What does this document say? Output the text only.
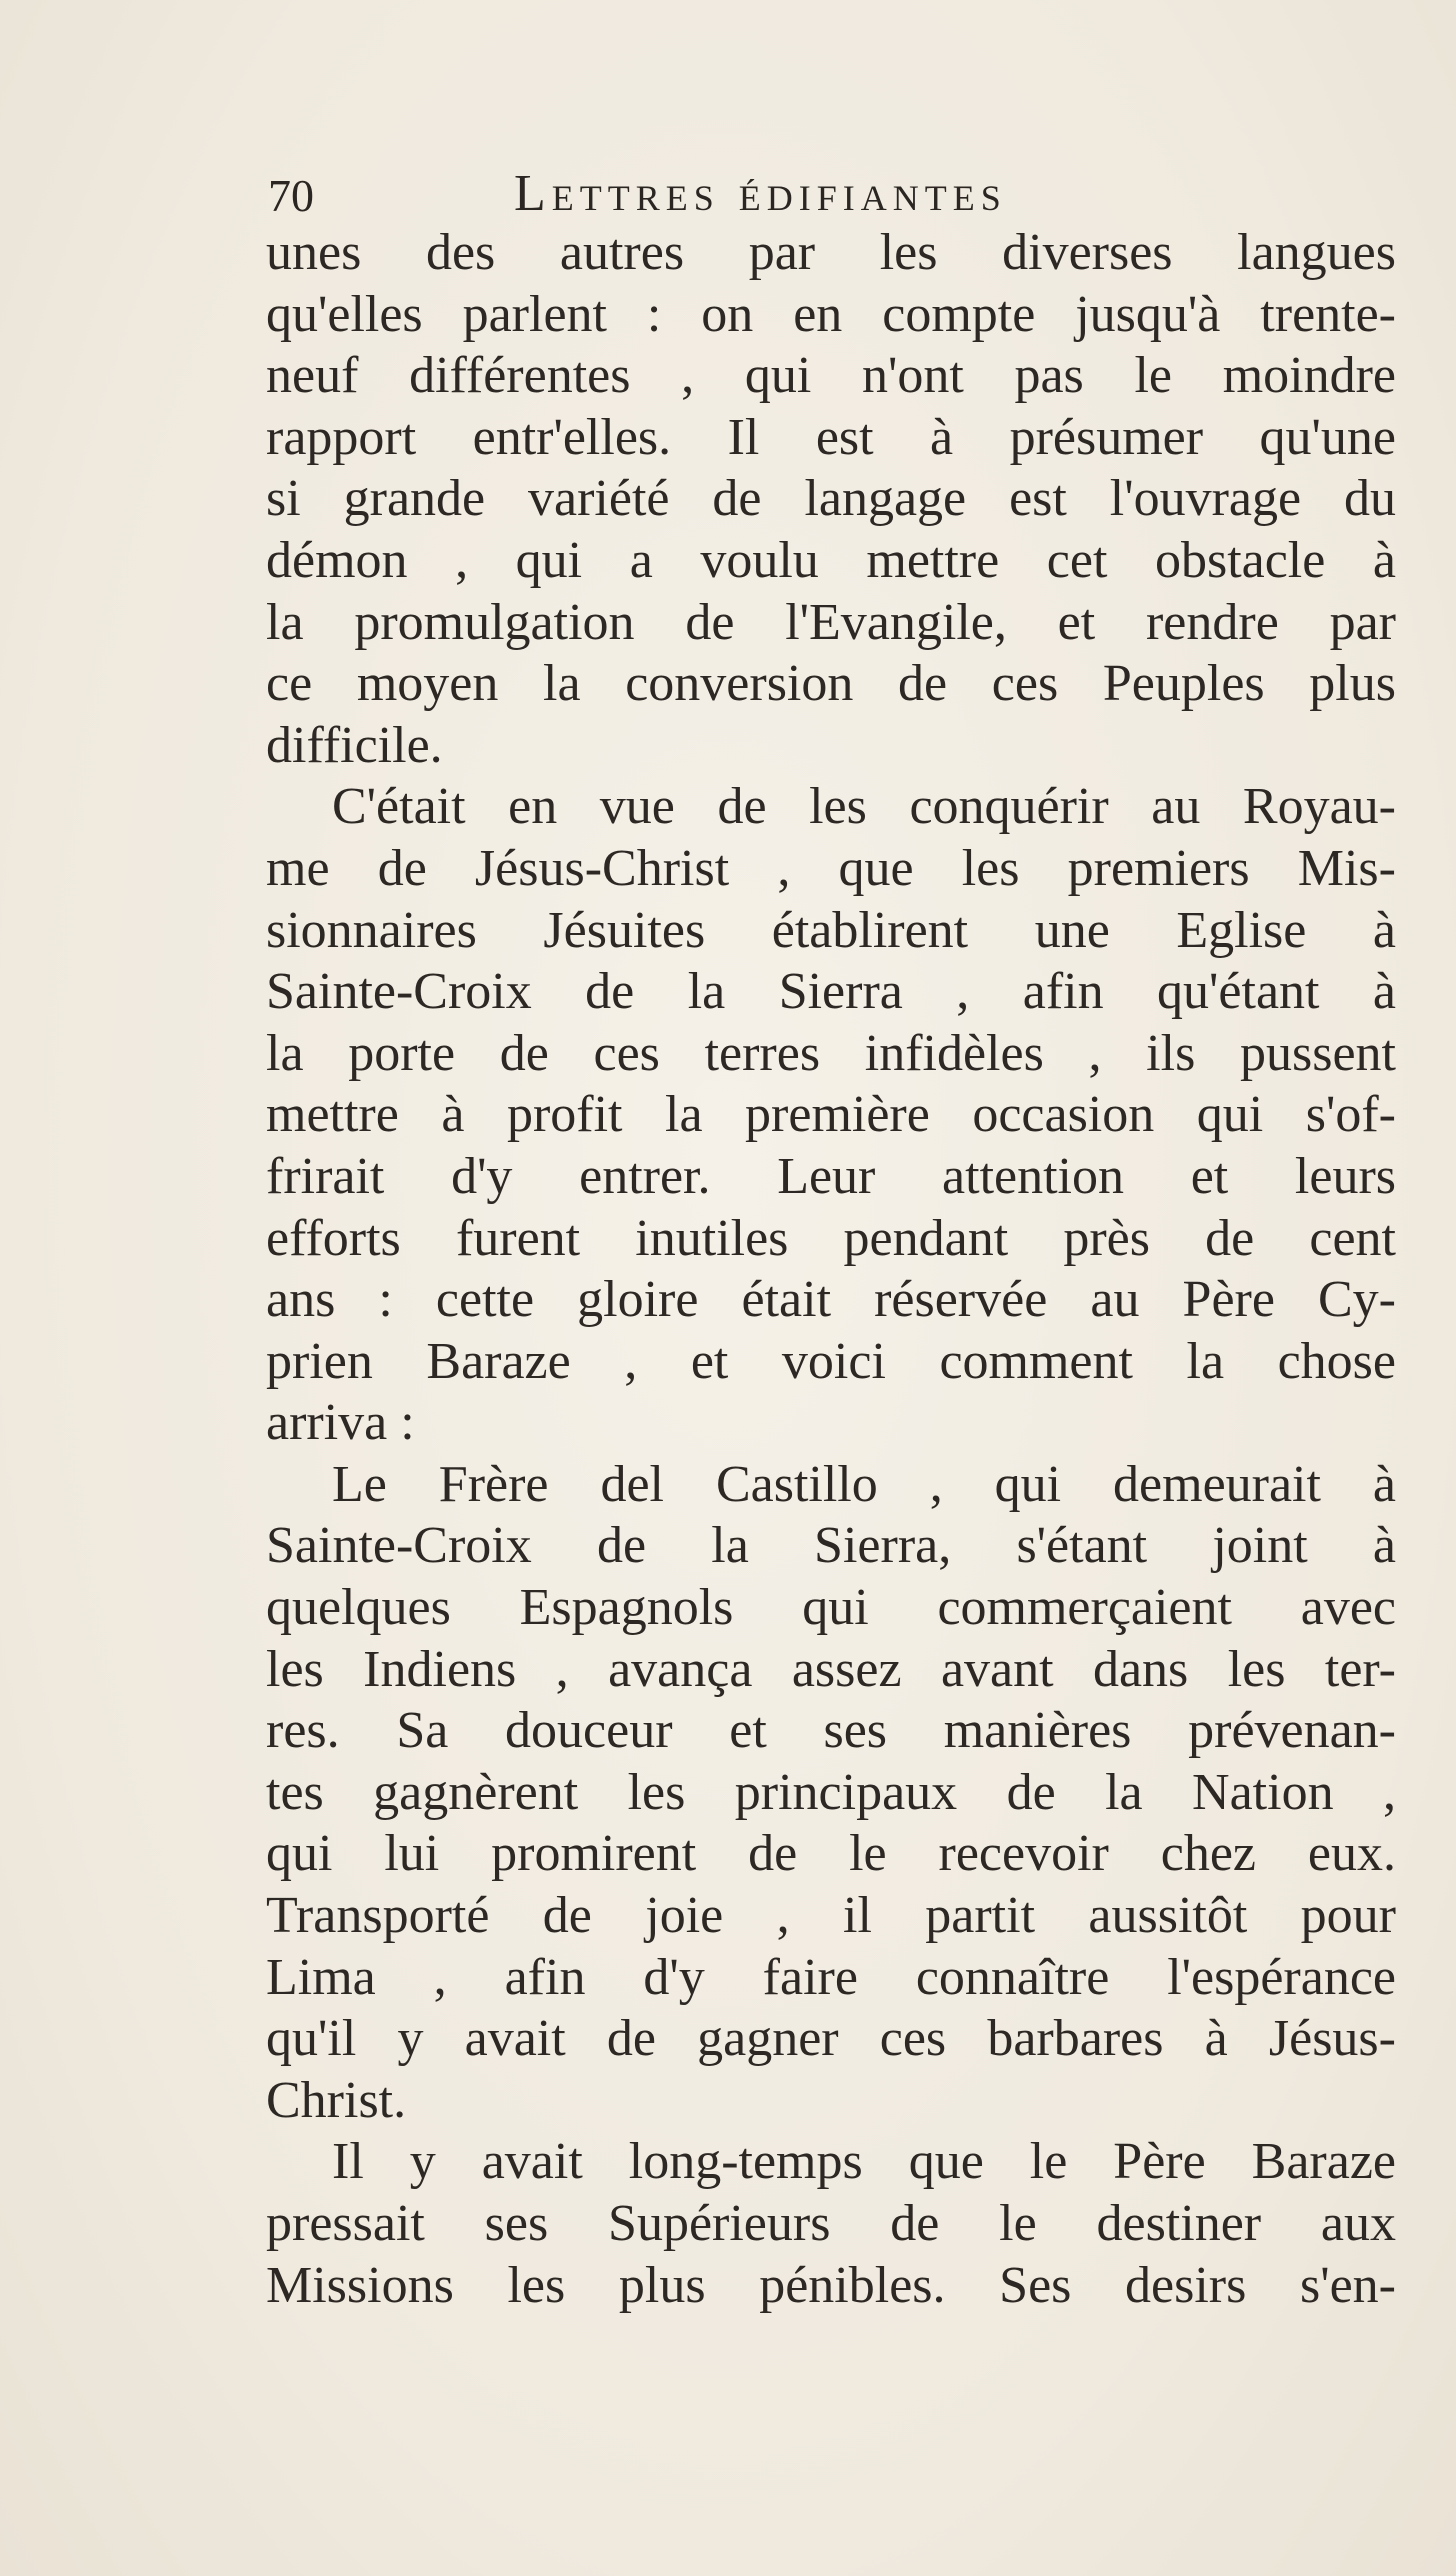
70	Lettres édifiantes
unes des autres par les diverses langues
qu'elles parlent : on en compte jusqu'à trente-
neuf différentes , qui n'ont pas le moindre
rapport entr'elles. Il est à présumer qu'une
si grande variété de langage est l'ouvrage du
démon , qui a voulu mettre cet obstacle à
la promulgation de l'Evangile, et rendre par
ce moyen la conversion de ces Peuples plus
difficile.
C'était en vue de les conquérir au Royau-
me de Jésus-Christ , que les premiers Mis-
sionnaires Jésuites établirent une Eglise à
Sainte-Croix de la Sierra , afin qu'étant à
la porte de ces terres infidèles , ils pussent
mettre à profit la première occasion qui s'of-
frirait d'y entrer. Leur attention et leurs
efforts furent inutiles pendant près de cent
ans : cette gloire était réservée au Père Cy-
prien Baraze , et voici comment la chose
arriva :
Le Frère del Castillo , qui demeurait à
Sainte-Croix de la Sierra, s'étant joint à
quelques Espagnols qui commerçaient avec
les Indiens , avança assez avant dans les ter-
res. Sa douceur et ses manières prévenan-
tes gagnèrent les principaux de la Nation ,
qui lui promirent de le recevoir chez eux.
Transporté de joie , il partit aussitôt pour
Lima , afin d'y faire connaître l'espérance
qu'il y avait de gagner ces barbares à Jésus-
Christ.
Il y avait long-temps que le Père Baraze
pressait ses Supérieurs de le destiner aux
Missions les plus pénibles. Ses desirs s'en-
